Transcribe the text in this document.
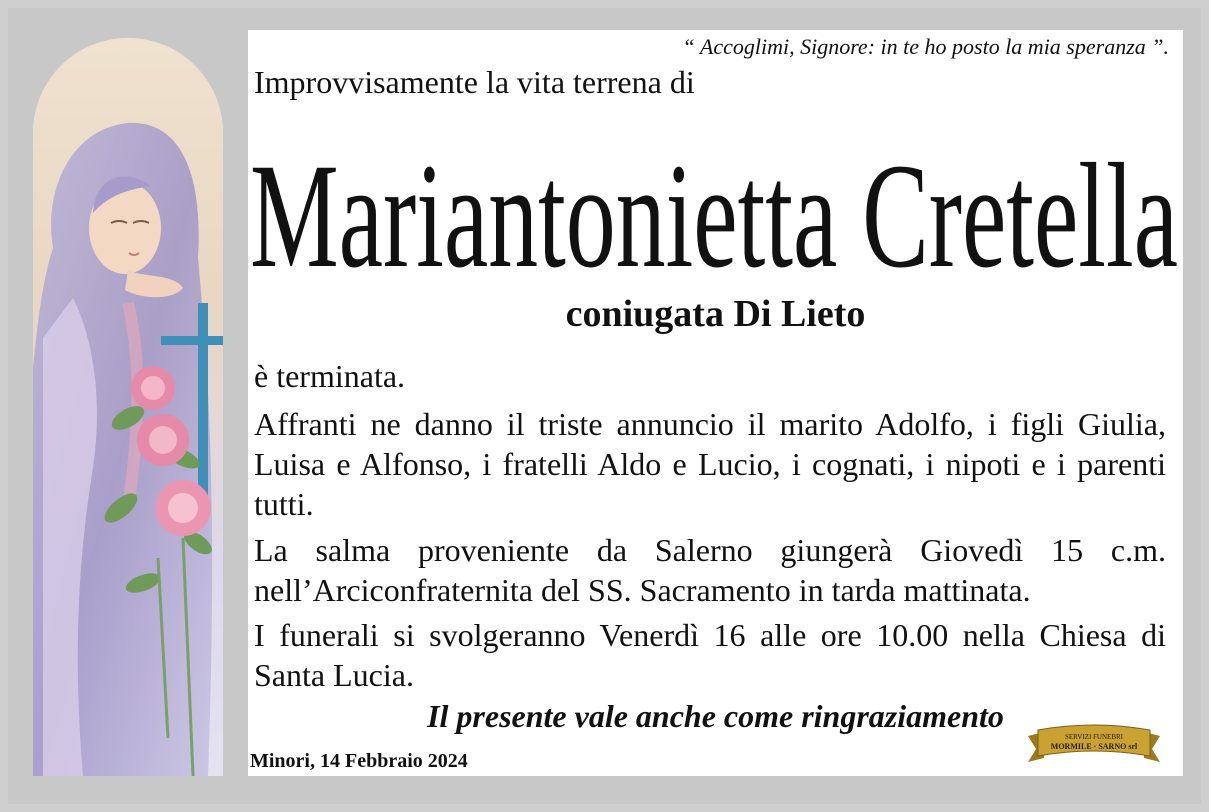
“ Accoglimi, Signore: in te ho posto la mia speranza ”.
Improvvisamente la vita terrena di
Mariantonietta Cretella
coniugata Di Lieto
è terminata.
Affranti ne danno il triste annuncio il marito Adolfo, i figli Giulia, Luisa e Alfonso, i fratelli Aldo e Lucio, i cognati, i nipoti e i parenti tutti.
La salma proveniente da Salerno giungerà Giovedì 15 c.m. nell’Arciconfraternita del SS. Sacramento in tarda mattinata.
I funerali si svolgeranno Venerdì 16 alle ore 10.00 nella Chiesa di Santa Lucia.
Il presente vale anche come ringraziamento
Minori, 14 Febbraio 2024
SERVIZI FUNEBRI
MORMILE · SARNO srl
